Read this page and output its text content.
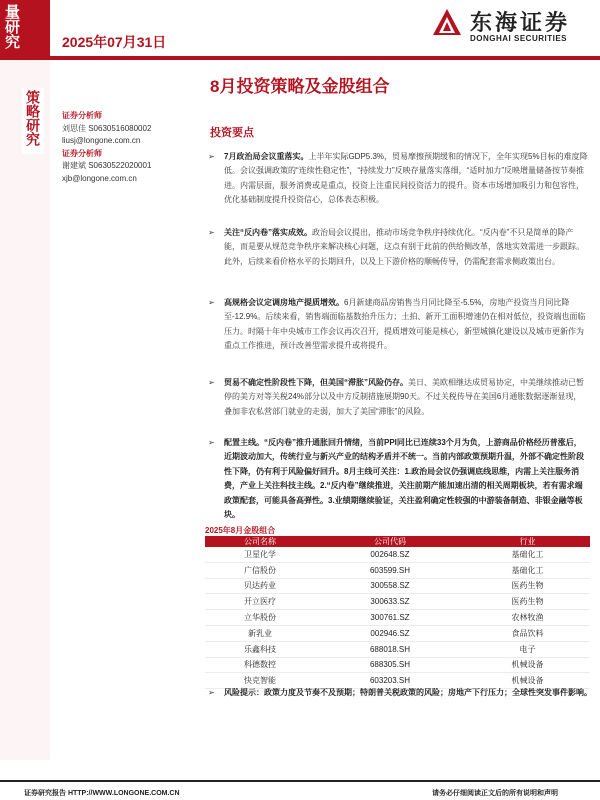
量研究	2025年07月31日
东海证券
DONGHAI SECURITIES
策略研究
8月投资策略及金股组合
证券分析师
刘思佳 S0630516080002
liusj@longone.com.cn
证券分析师
谢建斌 S0630522020001
xjb@longone.com.cn
投资要点
➢ 7月政治局会议重落实。上半年实际GDP5.3%，贸易摩擦预期缓和的情况下，全年实现5%目标的难度降低。会议强调政策的“连续性稳定性”，“持续发力”反映存量落实落细，“适时加力”反映增量储备按节奏推进。内需层面，服务消费或是重点，投资上注重民间投资活力的提升。资本市场增加吸引力和包容性，优化基础制度提升投资信心，总体表态积极。
➢ 关注“反内卷”落实成效。政治局会议提出，推动市场竞争秩序持续优化。“反内卷”不只是简单的降产能，而是要从规范竞争秩序来解决核心问题，这点有别于此前的供给侧改革，落地实效需进一步跟踪。此外，后续来看价格水平的长期回升，以及上下游价格的顺畅传导，仍需配套需求侧政策出台。
➢ 高规格会议定调房地产提质增效。6月新建商品房销售当月同比降至-5.5%，房地产投资当月同比降至-12.9%。后续来看，销售端面临基数抬升压力；土拍、新开工面积增速仍在相对低位，投资端也面临压力。时隔十年中央城市工作会议再次召开，提质增效可能是核心，新型城镇化建设以及城市更新作为重点工作推进，预计改善型需求提升或将提升。
➢ 贸易不确定性阶段性下降，但美国“滞胀”风险仍存。美日、美欧相继达成贸易协定，中美继续推动已暂停的美方对等关税24%部分以及中方反制措施展期90天。不过关税传导在美国6月通胀数据逐渐显现，叠加非农私营部门就业的走弱，加大了美国“滞胀”的风险。
➢ 配置主线。“反内卷”推升通胀回升情绪，当前PPI同比已连续33个月为负，上游商品价格经历普涨后，近期波动加大，传统行业与新兴产业的结构矛盾并不统一。当前内部政策预期升温，外部不确定性阶段性下降，仍有利于风险偏好回升。8月主线可关注：1.政治局会议仍强调底线思维，内需上关注服务消费，产业上关注科技主线。2.“反内卷”继续推进，关注前期产能加速出清的相关周期板块，若有需求端政策配套，可能具备高弹性。3.业绩期继续验证，关注盈利确定性较强的中游装备制造、非银金融等板块。
2025年8月金股组合
公司名称	公司代码	行业
卫星化学	002648.SZ	基础化工
广信股份	603599.SH	基础化工
贝达药业	300558.SZ	医药生物
开立医疗	300633.SZ	医药生物
立华股份	300761.SZ	农林牧渔
新乳业	002946.SZ	食品饮料
乐鑫科技	688018.SH	电子
科德数控	688305.SH	机械设备
快克智能	603203.SH	机械设备
➢ 风险提示：政策力度及节奏不及预期；特朗普关税政策的风险；房地产下行压力；全球性突发事件影响。
证券研究报告 HTTP://WWW.LONGONE.COM.CN	请务必仔细阅读正文后的所有说明和声明
